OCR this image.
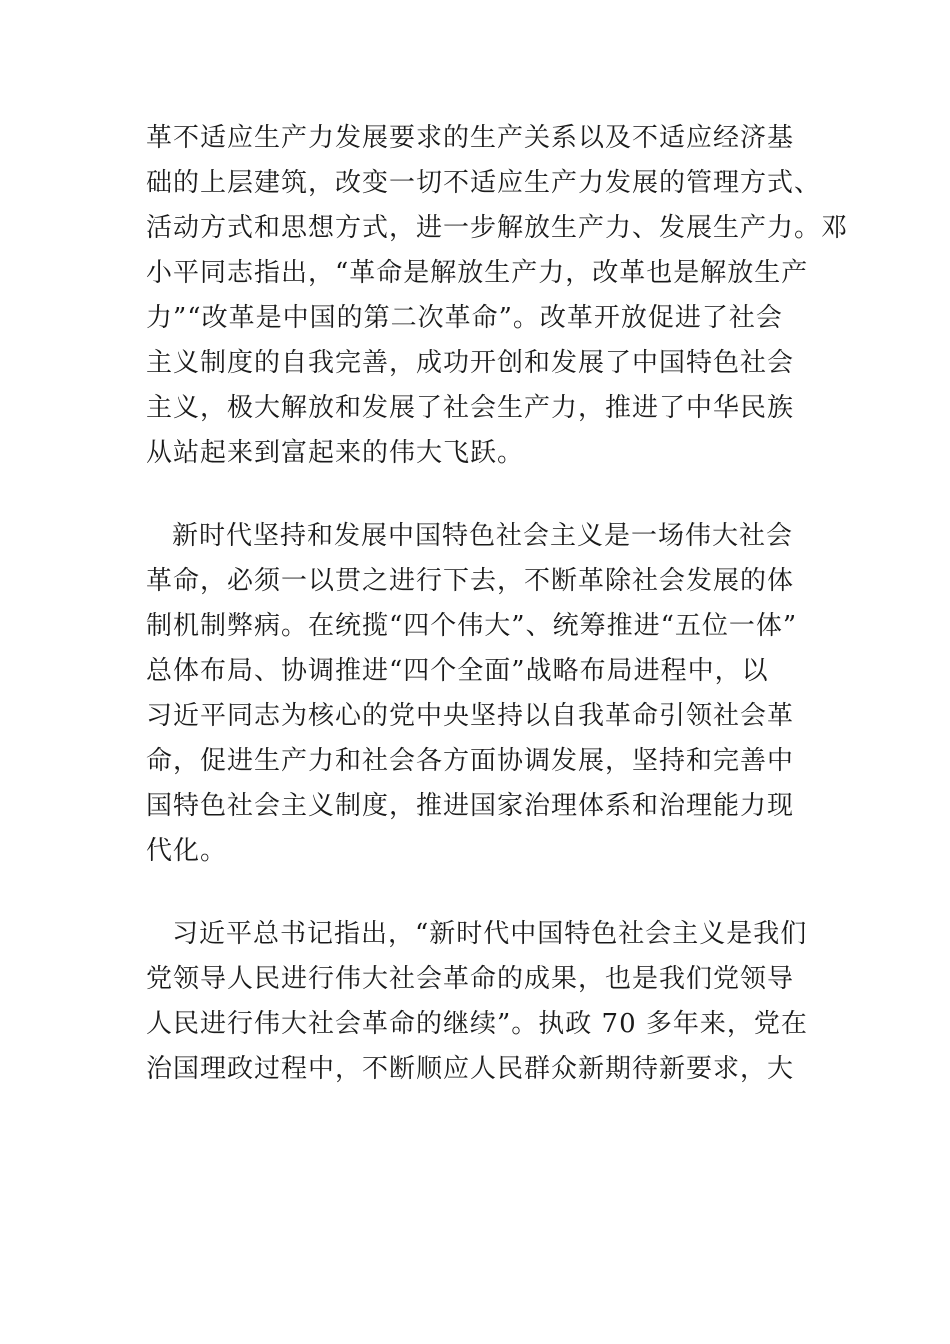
革不适应生产力发展要求的生产关系以及不适应经济基
础的上层建筑，改变一切不适应生产力发展的管理方式、
活动方式和思想方式，进一步解放生产力、发展生产力。邓
小平同志指出，“革命是解放生产力，改革也是解放生产
力”“改革是中国的第二次革命”。改革开放促进了社会
主义制度的自我完善，成功开创和发展了中国特色社会
主义，极大解放和发展了社会生产力，推进了中华民族
从站起来到富起来的伟大飞跃。
新时代坚持和发展中国特色社会主义是一场伟大社会
革命，必须一以贯之进行下去，不断革除社会发展的体
制机制弊病。在统揽“四个伟大”、统筹推进“五位一体”
总体布局、协调推进“四个全面”战略布局进程中，以
习近平同志为核心的党中央坚持以自我革命引领社会革
命，促进生产力和社会各方面协调发展，坚持和完善中
国特色社会主义制度，推进国家治理体系和治理能力现
代化。
习近平总书记指出，“新时代中国特色社会主义是我们
党领导人民进行伟大社会革命的成果，也是我们党领导
人民进行伟大社会革命的继续”。执政 70 多年来，党在
治国理政过程中，不断顺应人民群众新期待新要求，大
